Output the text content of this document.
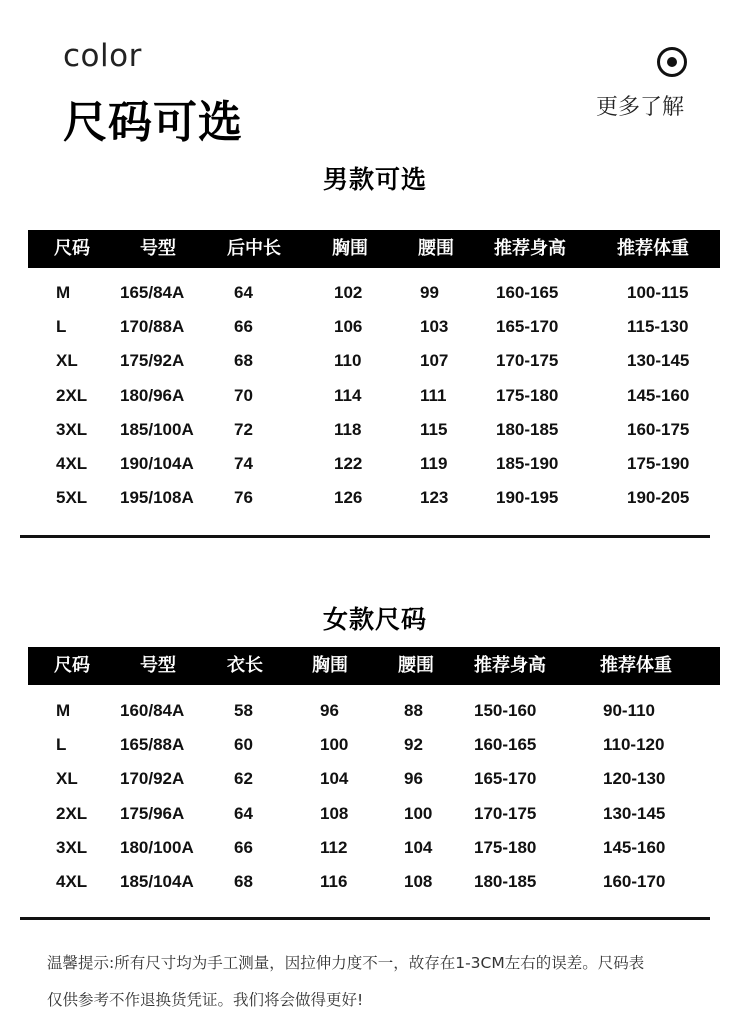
color
尺码可选	更多了解
男款可选
尺码	号型	后中长	胸围	腰围 推荐身高	推荐体重
M	165/84A	64	102	99	160-165	100-115
L	170/88A	66	106	103	165-170	115-130
XL 175/92A	68	110	107	170-175	130-145
2XL 180/96A	70	114	111	175-180	145-160
3XL 185/100A 72	118	115	180-185	160-175
4XL 190/104A 74	122	119	185-190	175-190
5XL 195/108A 76	126	123	190-195	190-205
女款尺码
尺码	号型	衣长	胸围	腰围 推荐身高	推荐体重
M	160/84A	58	96	88	150-160	90-110
L	165/88A	60	100	92	160-165	110-120
XL 170/92A	62	104	96	165-170	120-130
2XL 175/96A	64	108	100 170-175	130-145
3XL 180/100A 66	112	104 175-180	145-160
4XL 185/104A 68	116	108 180-185	160-170
温馨提示:所有尺寸均为手工测量，因拉伸力度不一，故存在1-3CM左右的误差。尺码表
仅供参考不作退换货凭证。我们将会做得更好!
